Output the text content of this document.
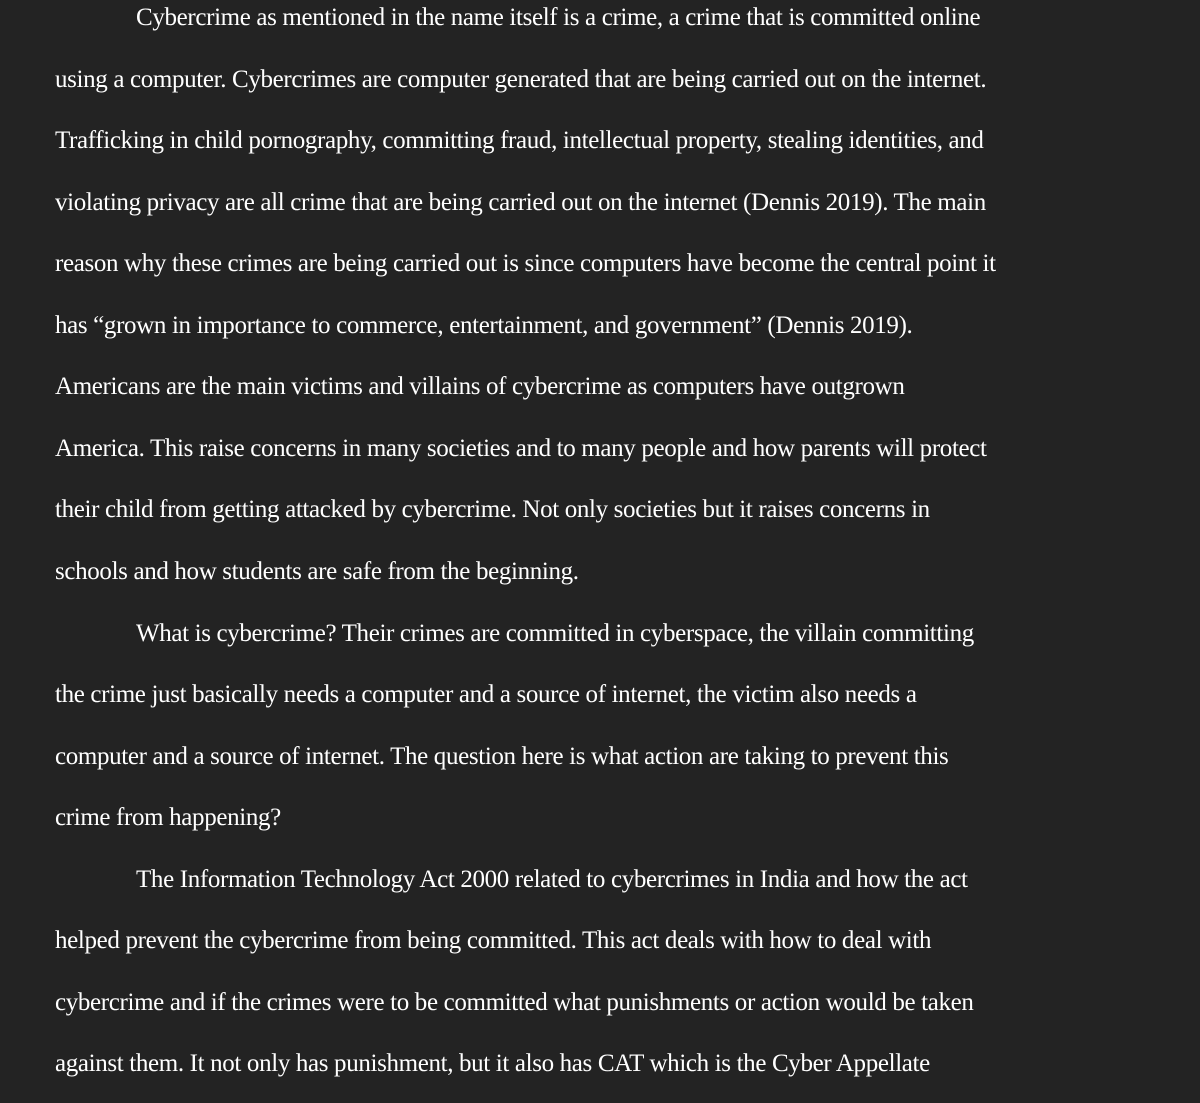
Cybercrime as mentioned in the name itself is a crime, a crime that is committed online
using a computer. Cybercrimes are computer generated that are being carried out on the internet.
Trafficking in child pornography, committing fraud, intellectual property, stealing identities, and
violating privacy are all crime that are being carried out on the internet (Dennis 2019). The main
reason why these crimes are being carried out is since computers have become the central point it
has “grown in importance to commerce, entertainment, and government” (Dennis 2019).
Americans are the main victims and villains of cybercrime as computers have outgrown
America. This raise concerns in many societies and to many people and how parents will protect
their child from getting attacked by cybercrime. Not only societies but it raises concerns in
schools and how students are safe from the beginning.
What is cybercrime? Their crimes are committed in cyberspace, the villain committing
the crime just basically needs a computer and a source of internet, the victim also needs a
computer and a source of internet. The question here is what action are taking to prevent this
crime from happening?
The Information Technology Act 2000 related to cybercrimes in India and how the act
helped prevent the cybercrime from being committed. This act deals with how to deal with
cybercrime and if the crimes were to be committed what punishments or action would be taken
against them. It not only has punishment, but it also has CAT which is the Cyber Appellate
